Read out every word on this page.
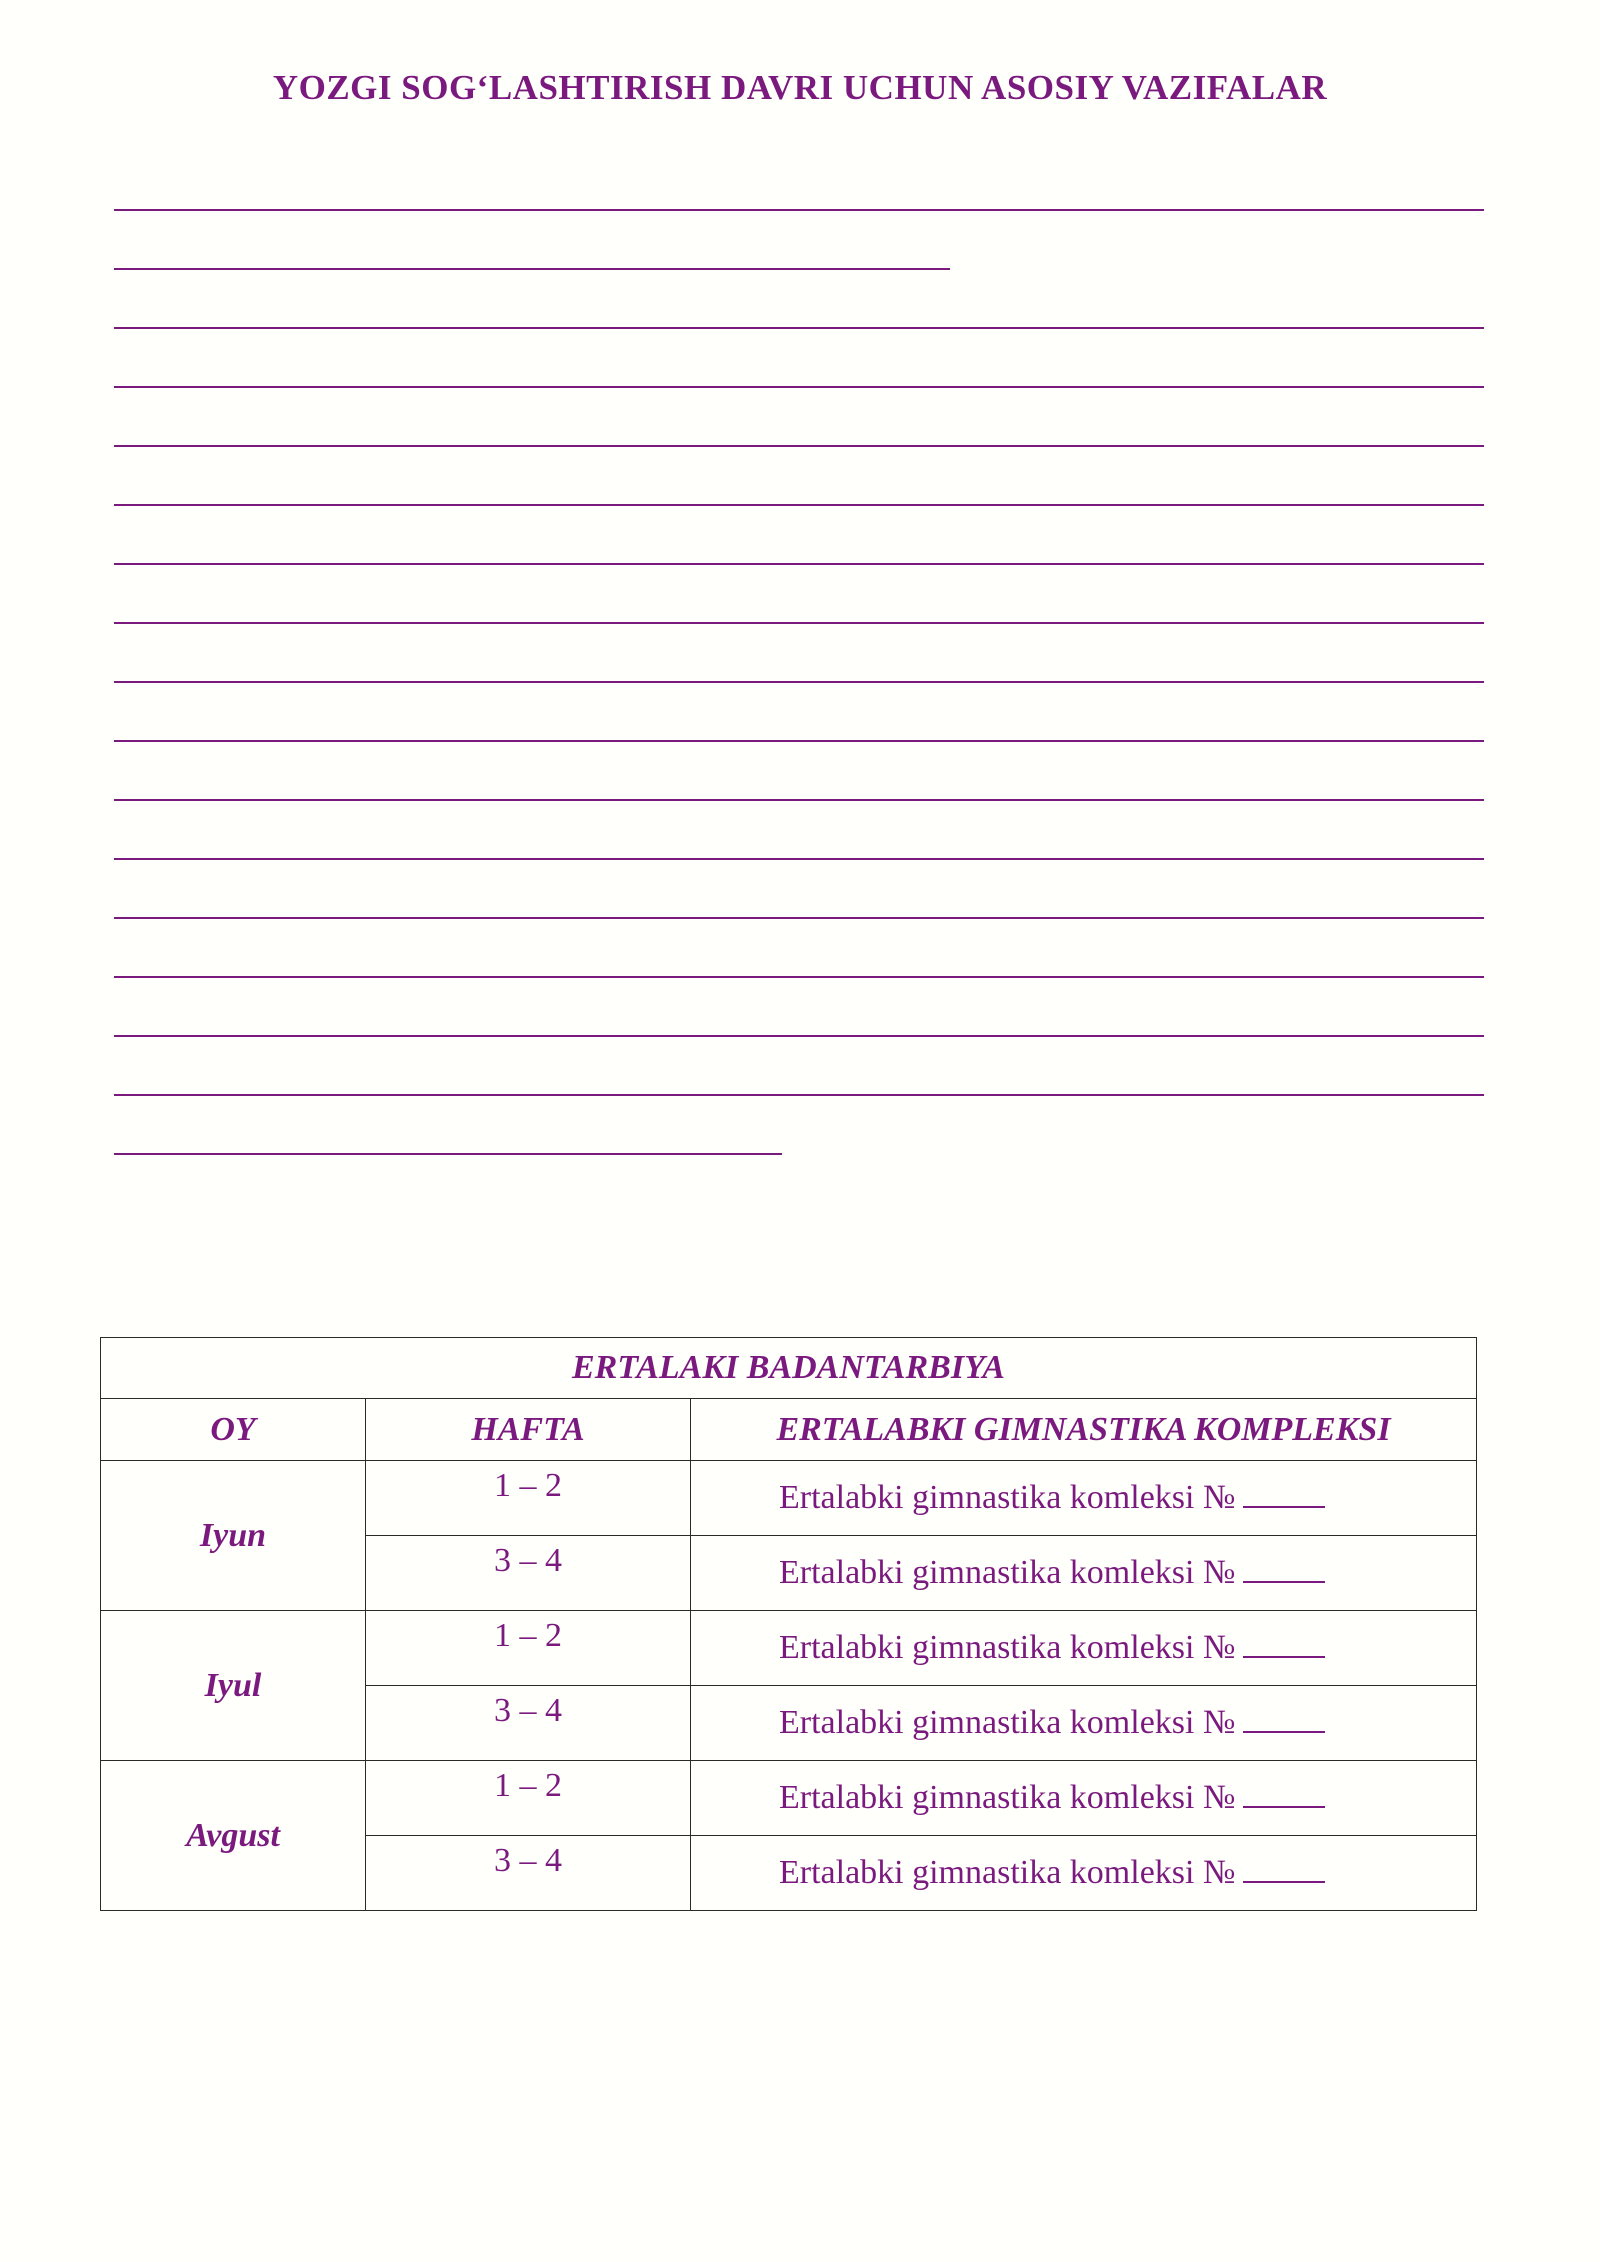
YOZGI SOG‘LASHTIRISH DAVRI UCHUN ASOSIY VAZIFALAR
ERTALAKI BADANTARBIYA		
OY	HAFTA	ERTALABKI GIMNASTIKA KOMPLEKSI
Iyun	1 – 2	Ertalabki gimnastika komleksi №
	3 – 4	Ertalabki gimnastika komleksi №
Iyul	1 – 2	Ertalabki gimnastika komleksi №
	3 – 4	Ertalabki gimnastika komleksi №
Avgust	1 – 2	Ertalabki gimnastika komleksi №
	3 – 4	Ertalabki gimnastika komleksi №
